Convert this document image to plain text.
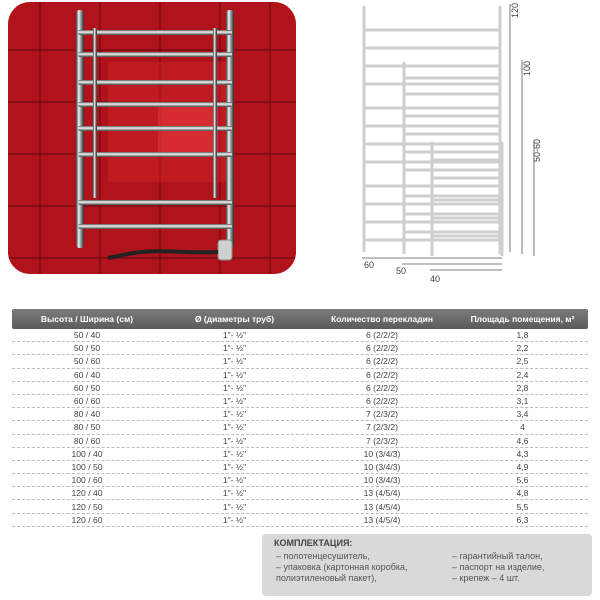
120
100
50-60
60
50
40
Высота / Ширина (см)	Ø (диаметры труб)	Количество перекладин	Площадь помещения, м²
50 / 40	1"- ½"	6 (2/2/2)	1,8
50 / 50	1"- ½"	6 (2/2/2)	2,2
50 / 60	1"- ½"	6 (2/2/2)	2,5
60 / 40	1"- ½"	6 (2/2/2)	2,4
60 / 50	1"- ½"	6 (2/2/2)	2,8
60 / 60	1"- ½"	6 (2/2/2)	3,1
80 / 40	1"- ½"	7 (2/3/2)	3,4
80 / 50	1"- ½"	7 (2/3/2)	4
80 / 60	1"- ½"	7 (2/3/2)	4,6
100 / 40	1"- ½"	10 (3/4/3)	4,3
100 / 50	1"- ½"	10 (3/4/3)	4,9
100 / 60	1"- ½"	10 (3/4/3)	5,6
120 / 40	1"- ½"	13 (4/5/4)	4,8
120 / 50	1"- ½"	13 (4/5/4)	5,5
120 / 60	1"- ½"	13 (4/5/4)	6,3
КОМПЛЕКТАЦИЯ:
– полотенцесушитель,
– упаковка (картонная коробка,
полиэтиленовый пакет),
– гарантийный талон,
– паспорт на изделие,
– крепеж – 4 шт.
